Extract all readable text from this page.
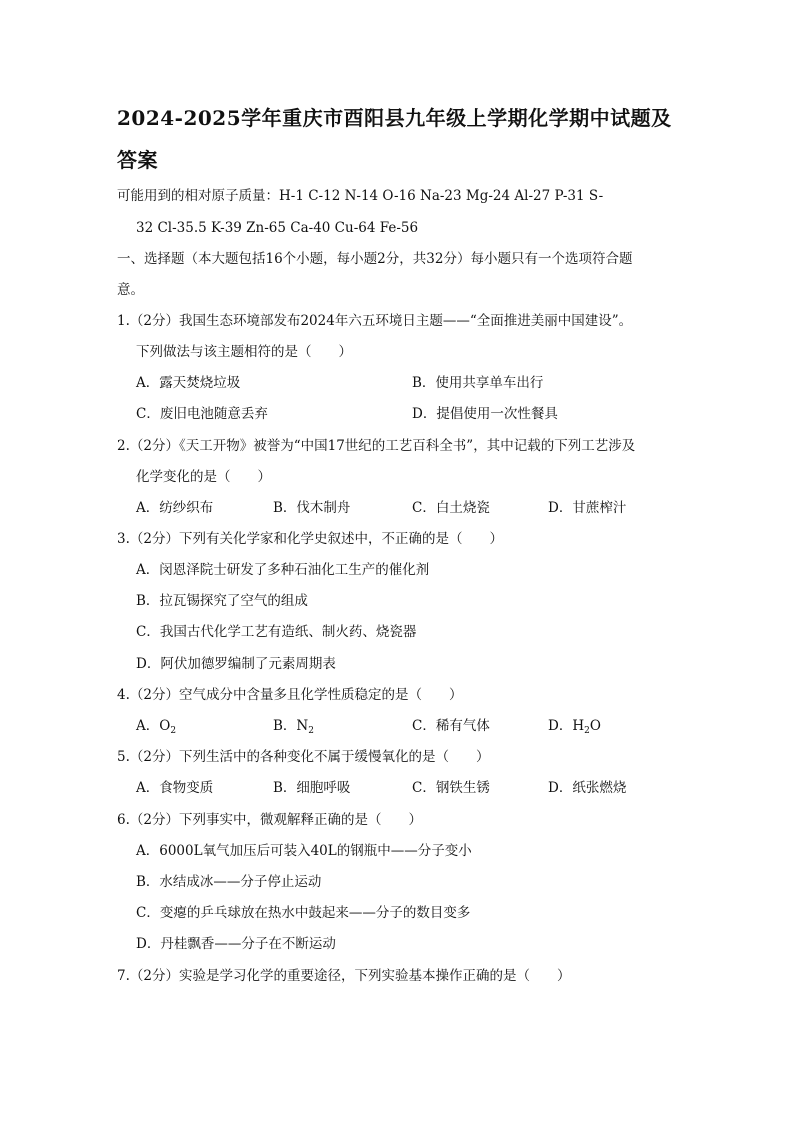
2024-2025学年重庆市酉阳县九年级上学期化学期中试题及
答案
可能用到的相对原子质量：H-1 C-12 N-14 O-16 Na-23 Mg-24 Al-27 P-31 S-
32 Cl-35.5 K-39 Zn-65 Ca-40 Cu-64 Fe-56
一、选择题（本大题包括16个小题，每小题2分，共32分）每小题只有一个选项符合题
意。
1.（2分）我国生态环境部发布2024年六五环境日主题——“全面推进美丽中国建设”。
下列做法与该主题相符的是（　　）
A．露天焚烧垃圾	B．使用共享单车出行
C．废旧电池随意丢弃	D．提倡使用一次性餐具
2.（2分）《天工开物》被誉为“中国17世纪的工艺百科全书”，其中记载的下列工艺涉及
化学变化的是（　　）
A．纺纱织布	B．伐木制舟	C．白土烧瓷	D．甘蔗榨汁
3.（2分）下列有关化学家和化学史叙述中，不正确的是（　　）
A．闵恩泽院士研发了多种石油化工生产的催化剂
B．拉瓦锡探究了空气的组成
C．我国古代化学工艺有造纸、制火药、烧瓷器
D．阿伏加德罗编制了元素周期表
4.（2分）空气成分中含量多且化学性质稳定的是（　　）
A．$O_2$	B．$N_2$	C．稀有气体	D．$H_2O$
5.（2分）下列生活中的各种变化不属于缓慢氧化的是（　　）
A．食物变质	B．细胞呼吸	C．钢铁生锈	D．纸张燃烧
6.（2分）下列事实中，微观解释正确的是（　　）
A．6000L氧气加压后可装入40L的钢瓶中——分子变小
B．水结成冰——分子停止运动
C．变瘪的乒乓球放在热水中鼓起来——分子的数目变多
D．丹桂飘香——分子在不断运动
7.（2分）实验是学习化学的重要途径，下列实验基本操作正确的是（　　）
